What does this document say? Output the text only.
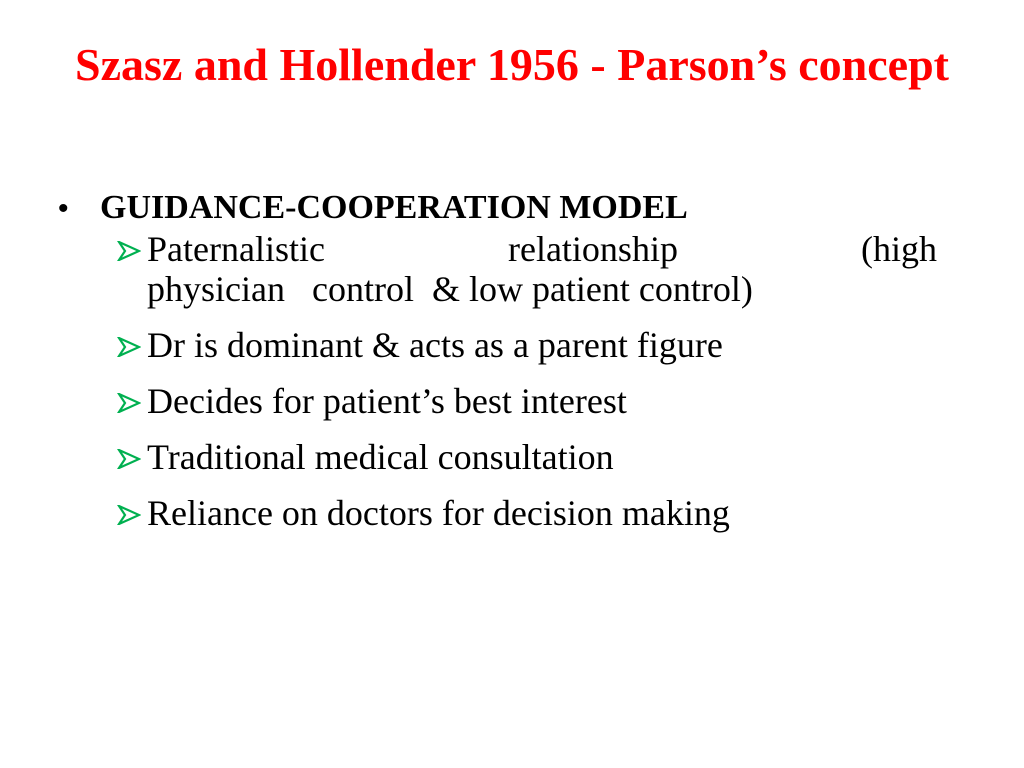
Szasz and Hollender 1956 - Parson’s concept
• GUIDANCE-COOPERATION MODEL
Paternalistic	relationship	(high
physician   control  & low patient control)
Dr is dominant & acts as a parent figure
Decides for patient’s best interest
Traditional medical consultation
Reliance on doctors for decision making
